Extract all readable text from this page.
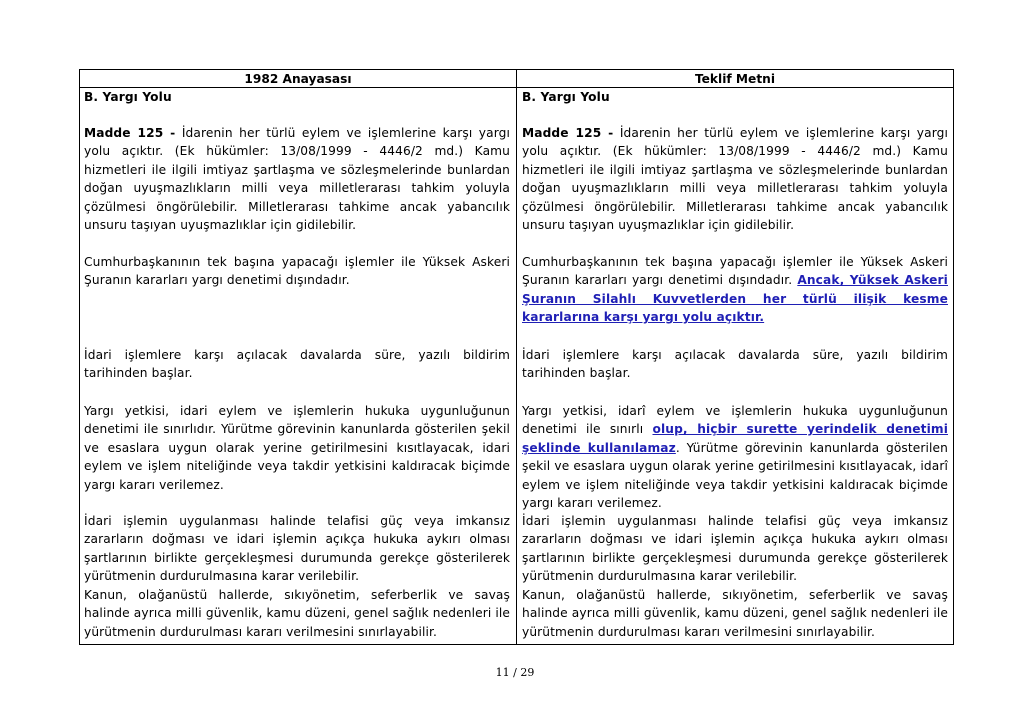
1982 Anayasası	Teklif Metni

B. Yargı Yolu

Madde 125 - İdarenin her türlü eylem ve işlemlerine karşı yargı yolu açıktır. (Ek hükümler: 13/08/1999 - 4446/2 md.) Kamu hizmetleri ile ilgili imtiyaz şartlaşma ve sözleşmelerinde bunlardan doğan uyuşmazlıkların milli veya milletlerarası tahkim yoluyla çözülmesi öngörülebilir. Milletlerarası tahkime ancak yabancılık unsuru taşıyan uyuşmazlıklar için gidilebilir.

Cumhurbaşkanının tek başına yapacağı işlemler ile Yüksek Askeri Şuranın kararları yargı denetimi dışındadır.

İdari işlemlere karşı açılacak davalarda süre, yazılı bildirim tarihinden başlar.

Yargı yetkisi, idari eylem ve işlemlerin hukuka uygunluğunun denetimi ile sınırlıdır. Yürütme görevinin kanunlarda gösterilen şekil ve esaslara uygun olarak yerine getirilmesini kısıtlayacak, idari eylem ve işlem niteliğinde veya takdir yetkisini kaldıracak biçimde yargı kararı verilemez.

İdari işlemin uygulanması halinde telafisi güç veya imkansız zararların doğması ve idari işlemin açıkça hukuka aykırı olması şartlarının birlikte gerçekleşmesi durumunda gerekçe gösterilerek yürütmenin durdurulmasına karar verilebilir.

Kanun, olağanüstü hallerde, sıkıyönetim, seferberlik ve savaş halinde ayrıca milli güvenlik, kamu düzeni, genel sağlık nedenleri ile yürütmenin durdurulması kararı verilmesini sınırlayabilir.

B. Yargı Yolu

Madde 125 - İdarenin her türlü eylem ve işlemlerine karşı yargı yolu açıktır. (Ek hükümler: 13/08/1999 - 4446/2 md.) Kamu hizmetleri ile ilgili imtiyaz şartlaşma ve sözleşmelerinde bunlardan doğan uyuşmazlıkların milli veya milletlerarası tahkim yoluyla çözülmesi öngörülebilir. Milletlerarası tahkime ancak yabancılık unsuru taşıyan uyuşmazlıklar için gidilebilir.

Cumhurbaşkanının tek başına yapacağı işlemler ile Yüksek Askeri Şuranın kararları yargı denetimi dışındadır. Ancak, Yüksek Askeri Şuranın Silahlı Kuvvetlerden her türlü ilişik kesme kararlarına karşı yargı yolu açıktır.

İdari işlemlere karşı açılacak davalarda süre, yazılı bildirim tarihinden başlar.

Yargı yetkisi, idarî eylem ve işlemlerin hukuka uygunluğunun denetimi ile sınırlı olup, hiçbir surette yerindelik denetimi şeklinde kullanılamaz. Yürütme görevinin kanunlarda gösterilen şekil ve esaslara uygun olarak yerine getirilmesini kısıtlayacak, idarî eylem ve işlem niteliğinde veya takdir yetkisini kaldıracak biçimde yargı kararı verilemez.

İdari işlemin uygulanması halinde telafisi güç veya imkansız zararların doğması ve idari işlemin açıkça hukuka aykırı olması şartlarının birlikte gerçekleşmesi durumunda gerekçe gösterilerek yürütmenin durdurulmasına karar verilebilir.

Kanun, olağanüstü hallerde, sıkıyönetim, seferberlik ve savaş halinde ayrıca milli güvenlik, kamu düzeni, genel sağlık nedenleri ile yürütmenin durdurulması kararı verilmesini sınırlayabilir.

11 / 29
